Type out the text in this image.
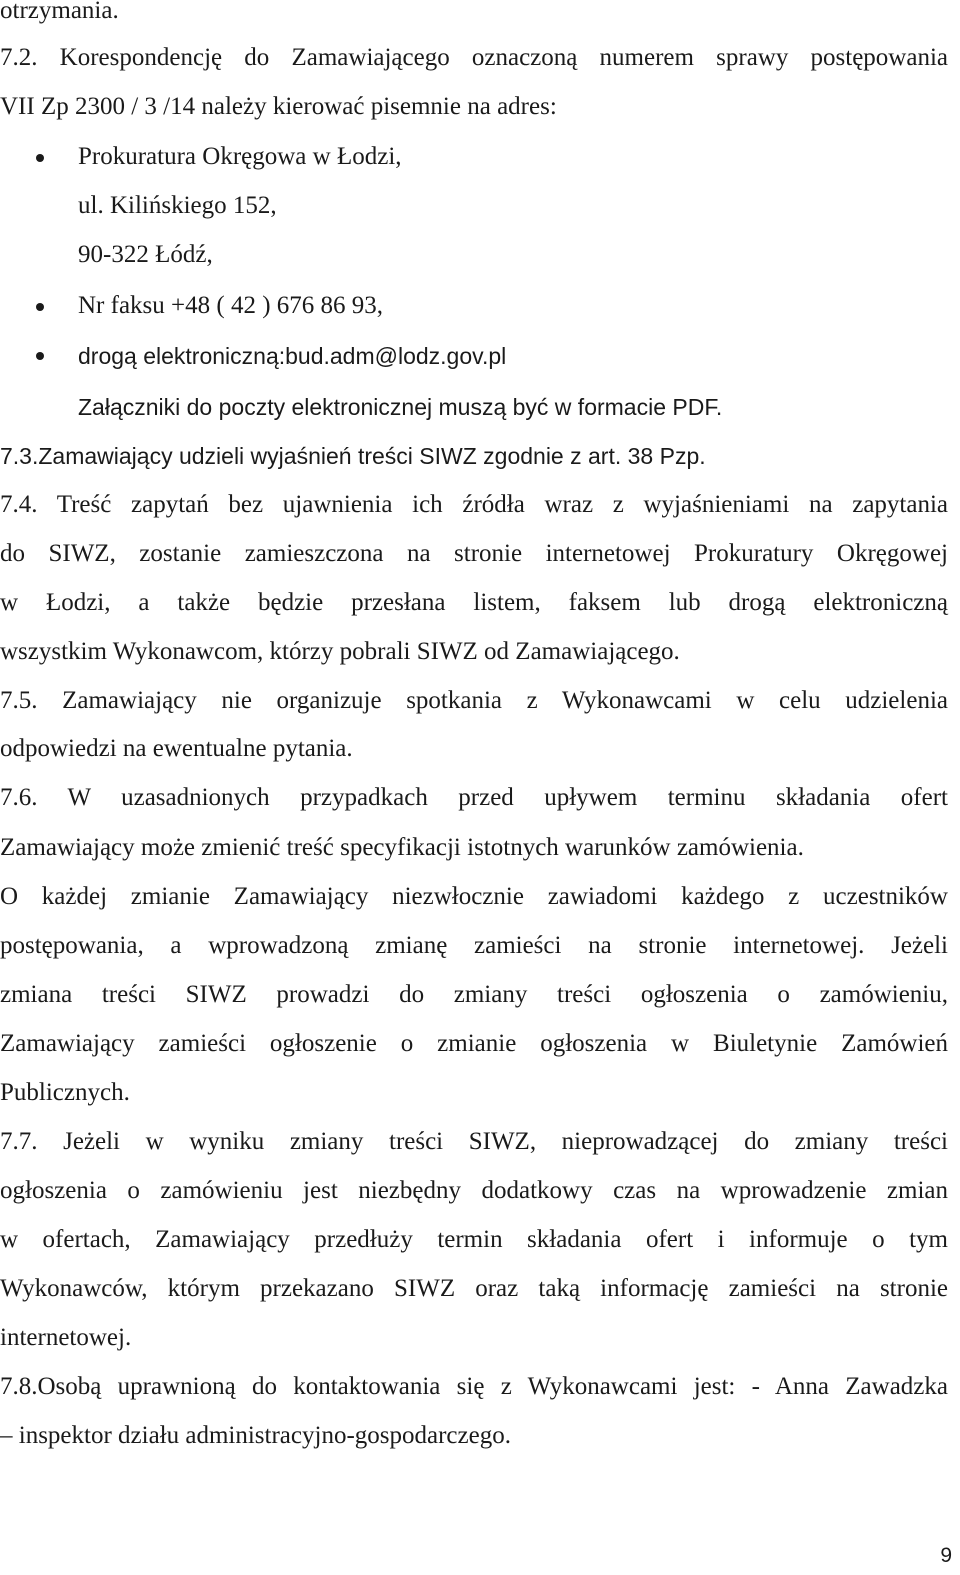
otrzymania.
7.2. Korespondencję do Zamawiającego oznaczoną numerem sprawy postępowania
VII Zp 2300 / 3 /14 należy kierować pisemnie na adres:
Prokuratura Okręgowa w Łodzi,
ul. Kilińskiego 152,
90-322 Łódź,
Nr faksu +48 ( 42 ) 676 86 93,
drogą elektroniczną:bud.adm@lodz.gov.pl
Załączniki do poczty elektronicznej muszą być w formacie PDF.
7.3.Zamawiający udzieli wyjaśnień treści SIWZ zgodnie z art. 38 Pzp.
7.4. Treść zapytań bez ujawnienia ich źródła wraz z wyjaśnieniami na zapytania
do SIWZ, zostanie zamieszczona na stronie internetowej Prokuratury Okręgowej
w Łodzi, a także będzie przesłana listem, faksem lub drogą elektroniczną
wszystkim Wykonawcom, którzy pobrali SIWZ od Zamawiającego.
7.5. Zamawiający nie organizuje spotkania z Wykonawcami w celu udzielenia
odpowiedzi na ewentualne pytania.
7.6. W uzasadnionych przypadkach przed upływem terminu składania ofert
Zamawiający może zmienić treść specyfikacji istotnych warunków zamówienia.
O każdej zmianie Zamawiający niezwłocznie zawiadomi każdego z uczestników
postępowania, a wprowadzoną zmianę zamieści na stronie internetowej. Jeżeli
zmiana treści SIWZ prowadzi do zmiany treści ogłoszenia o zamówieniu,
Zamawiający zamieści ogłoszenie o zmianie ogłoszenia w Biuletynie Zamówień
Publicznych.
7.7. Jeżeli w wyniku zmiany treści SIWZ, nieprowadzącej do zmiany treści
ogłoszenia o zamówieniu jest niezbędny dodatkowy czas na wprowadzenie zmian
w ofertach, Zamawiający przedłuży termin składania ofert i informuje o tym
Wykonawców, którym przekazano SIWZ oraz taką informację zamieści na stronie
internetowej.
7.8.Osobą uprawnioną do kontaktowania się z Wykonawcami jest: - Anna Zawadzka
– inspektor działu administracyjno-gospodarczego.
9
